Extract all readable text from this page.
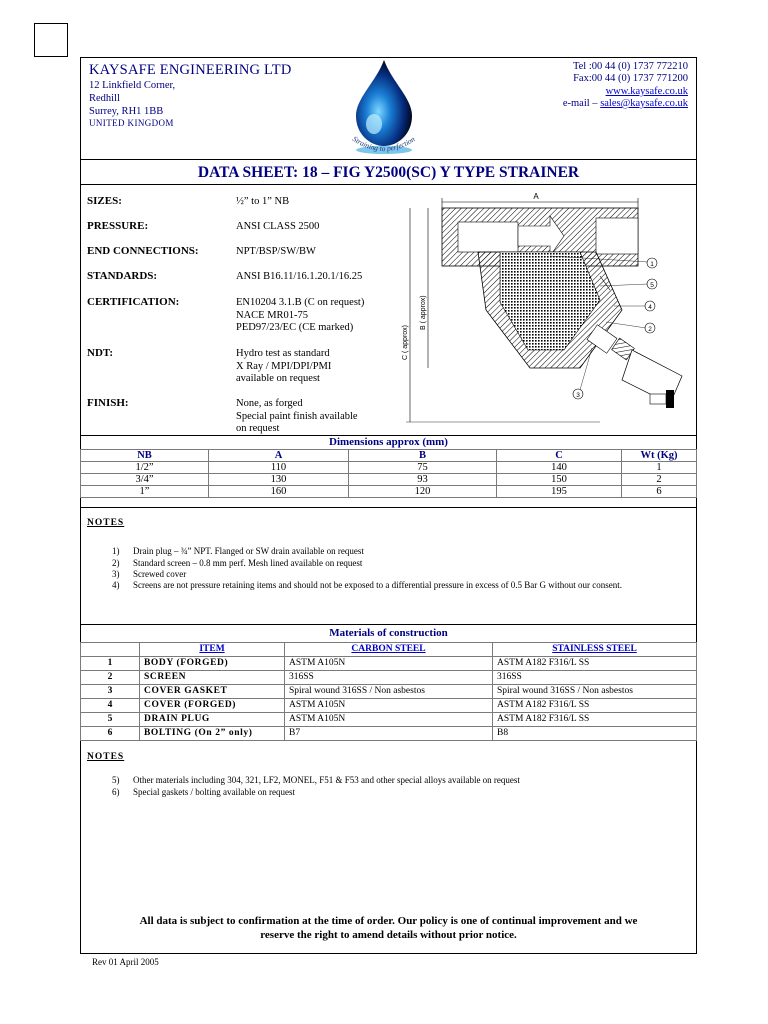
KAYSAFE ENGINEERING LTD
12 Linkfield Corner,
Redhill
Surrey, RH1 1BB
UNITED KINGDOM
Tel :00 44 (0) 1737 772210
Fax:00 44 (0) 1737 771200
www.kaysafe.co.uk
e-mail – sales@kaysafe.co.uk
Straining to perfection
DATA SHEET: 18 – FIG Y2500(SC) Y TYPE STRAINER
SIZES:	½” to 1” NB
PRESSURE:	ANSI CLASS 2500
END CONNECTIONS:	NPT/BSP/SW/BW
STANDARDS:	ANSI B16.11/16.1.20.1/16.25
CERTIFICATION:	EN10204 3.1.B (C on request)
NACE MR01-75
PED97/23/EC (CE marked)
NDT:	Hydro test as standard
X Ray / MPI/DPI/PMI
available on request
FINISH:	None, as forged
Special paint finish available
on request
A
B ( approx)
C ( approx)
1
5
4
2
3
Dimensions approx (mm)
NB	A	B	C	Wt (Kg)
1/2”	110	75	140	1
3/4”	130	93	150	2
1”	160	120	195	6
NOTES
1) Drain plug – ¾” NPT. Flanged or SW drain available on request
2) Standard screen – 0.8 mm perf. Mesh lined available on request
3) Screwed cover
4) Screens are not pressure retaining items and should not be exposed to a differential pressure in excess of 0.5 Bar G without our consent.
Materials of construction
	ITEM	CARBON STEEL	STAINLESS STEEL
1	BODY (FORGED)	ASTM A105N	ASTM A182 F316/L SS
2	SCREEN	316SS	316SS
3	COVER GASKET	Spiral wound 316SS / Non asbestos	Spiral wound 316SS / Non asbestos
4	COVER (FORGED)	ASTM A105N	ASTM A182 F316/L SS
5	DRAIN PLUG	ASTM A105N	ASTM A182 F316/L SS
6	BOLTING (On 2” only)	B7	B8
NOTES
5) Other materials including 304, 321, LF2, MONEL, F51 & F53 and other special alloys available on request
6) Special gaskets / bolting available on request
All data is subject to confirmation at the time of order. Our policy is one of continual improvement and we
reserve the right to amend details without prior notice.
Rev 01 April 2005
